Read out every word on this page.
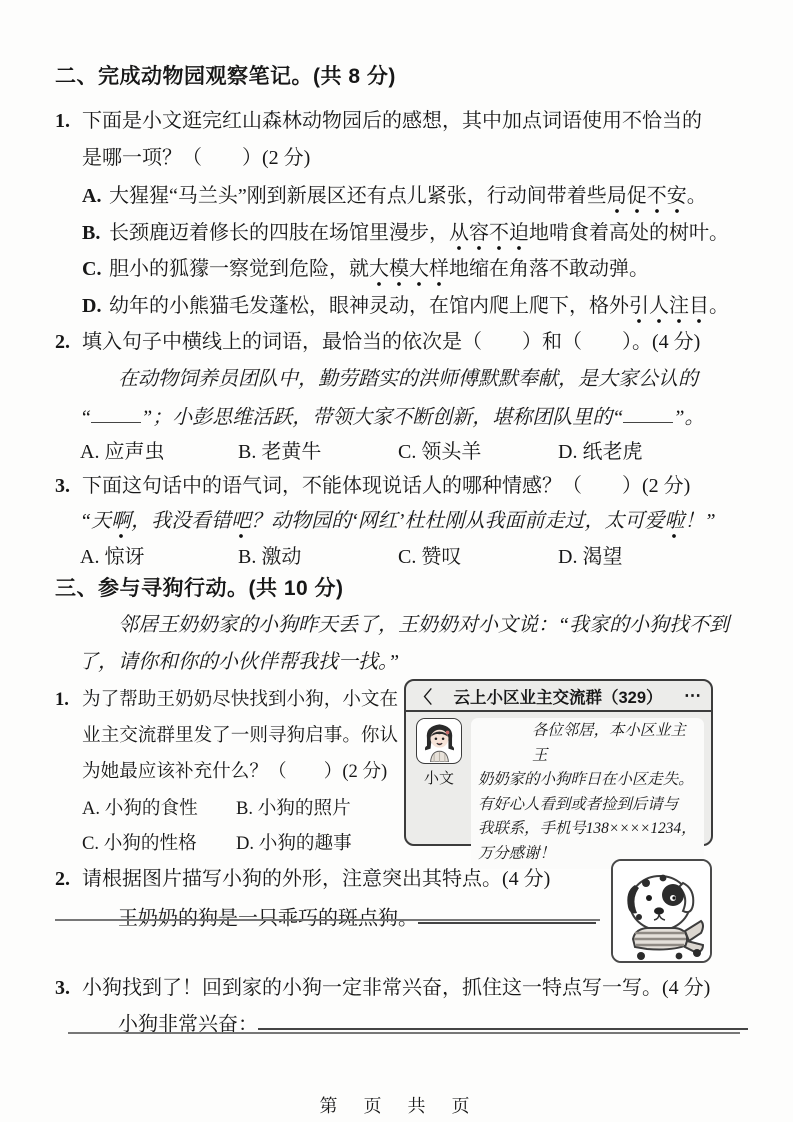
二、完成动物园观察笔记。(共 8 分)
1. 下面是小文逛完红山森林动物园后的感想，其中加点词语使用不恰当的
是哪一项？（　　）(2 分)
A. 大猩猩“马兰头”刚到新展区还有点儿紧张，行动间带着些局促不安。
B. 长颈鹿迈着修长的四肢在场馆里漫步，从容不迫地啃食着高处的树叶。
C. 胆小的狐獴一察觉到危险，就大模大样地缩在角落不敢动弹。
D. 幼年的小熊猫毛发蓬松，眼神灵动，在馆内爬上爬下，格外引人注目。
2. 填入句子中横线上的词语，最恰当的依次是（　　）和（　　）。(4 分)
在动物饲养员团队中，勤劳踏实的洪师傅默默奉献，是大家公认的
“	”；小彭思维活跃，带领大家不断创新，堪称团队里的“	”。
A. 应声虫	B. 老黄牛	C. 领头羊	D. 纸老虎
3. 下面这句话中的语气词，不能体现说话人的哪种情感？（　　）(2 分)
“天啊，我没看错吧？动物园的‘网红’杜杜刚从我面前走过，太可爱啦！”
A. 惊讶	B. 激动	C. 赞叹	D. 渴望
三、参与寻狗行动。(共 10 分)
邻居王奶奶家的小狗昨天丢了，王奶奶对小文说：“我家的小狗找不到
了，请你和你的小伙伴帮我找一找。”
1. 为了帮助王奶奶尽快找到小狗，小文在
业主交流群里发了一则寻狗启事。你认
为她最应该补充什么？（　　）(2 分)
A. 小狗的食性 B. 小狗的照片
C. 小狗的性格 D. 小狗的趣事
〈	云上小区业主交流群（329）	⋯
小文
各位邻居，本小区业主王
奶奶家的小狗昨日在小区走失。
有好心人看到或者捡到后请与
我联系，手机号138××××1234，
万分感谢！
2. 请根据图片描写小狗的外形，注意突出其特点。(4 分)
王奶奶的狗是一只乖巧的斑点狗。
3. 小狗找到了！回到家的小狗一定非常兴奋，抓住这一特点写一写。(4 分)
小狗非常兴奋：
第　页　共　页
